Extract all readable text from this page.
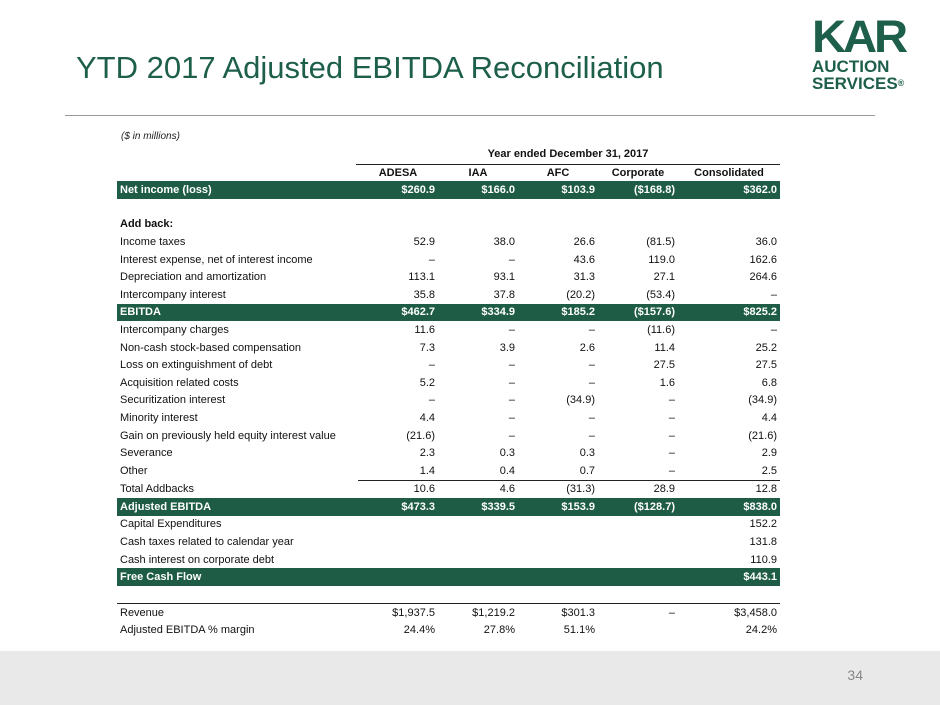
YTD 2017 Adjusted EBITDA Reconciliation
KAR
AUCTION
SERVICES®
($ in millions)
Year ended December 31, 2017
	ADESA	IAA	AFC	Corporate	Consolidated
Net income (loss)	$260.9	$166.0	$103.9	($168.8)	$362.0

Add back:					
Income taxes	52.9	38.0	26.6	(81.5)	36.0
Interest expense, net of interest income	–	–	43.6	119.0	162.6
Depreciation and amortization	113.1	93.1	31.3	27.1	264.6
Intercompany interest	35.8	37.8	(20.2)	(53.4)	–
EBITDA	$462.7	$334.9	$185.2	($157.6)	$825.2
Intercompany charges	11.6	–	–	(11.6)	–
Non-cash stock-based compensation	7.3	3.9	2.6	11.4	25.2
Loss on extinguishment of debt	–	–	–	27.5	27.5
Acquisition related costs	5.2	–	–	1.6	6.8
Securitization interest	–	–	(34.9)	–	(34.9)
Minority interest	4.4	–	–	–	4.4
Gain on previously held equity interest value	(21.6)	–	–	–	(21.6)
Severance	2.3	0.3	0.3	–	2.9
Other	1.4	0.4	0.7	–	2.5
Total Addbacks	10.6	4.6	(31.3)	28.9	12.8
Adjusted EBITDA	$473.3	$339.5	$153.9	($128.7)	$838.0
Capital Expenditures					152.2
Cash taxes related to calendar year					131.8
Cash interest on corporate debt					110.9
Free Cash Flow					$443.1

Revenue	$1,937.5	$1,219.2	$301.3	–	$3,458.0
Adjusted EBITDA % margin	24.4%	27.8%	51.1%		24.2%
34
